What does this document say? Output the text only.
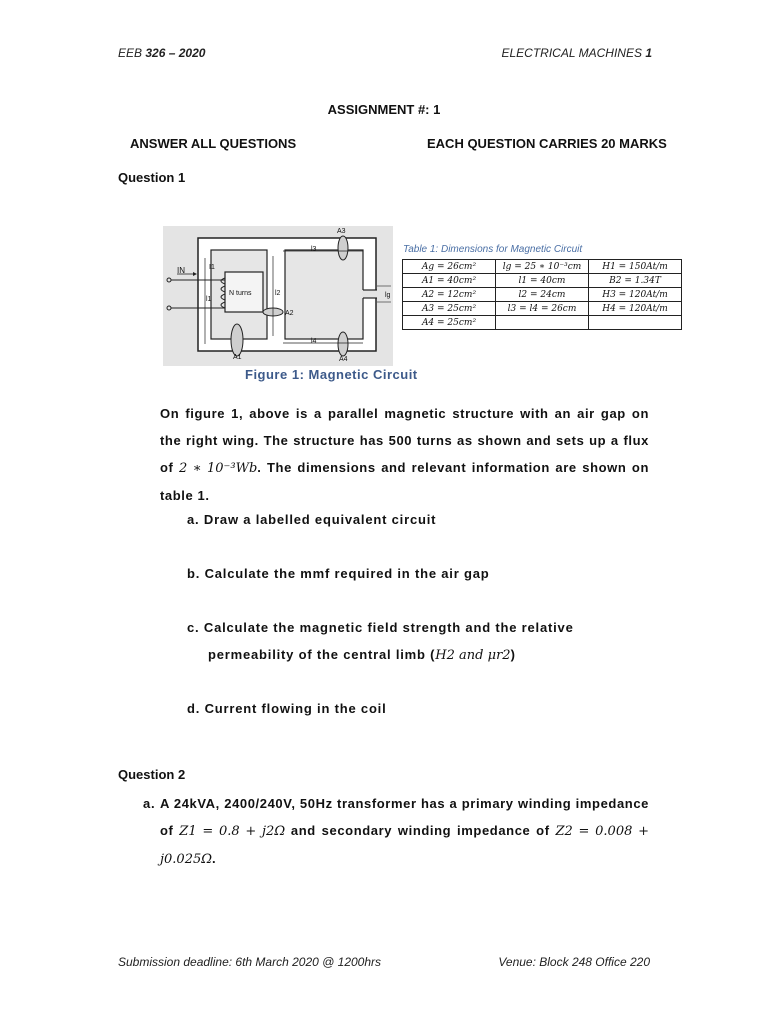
EEB 326 – 2020	ELECTRICAL MACHINES 1
ASSIGNMENT #: 1
ANSWER ALL QUESTIONS	EACH QUESTION CARRIES 20 MARKS
Question 1
IN	I1
N turns
l1
l2
l3
l4
lg
A1
A2
A3
A4
Table 1: Dimensions for Magnetic Circuit
Ag = 26cm²	lg = 25 ∗ 10⁻³cm	H1 = 150At/m
A1 = 40cm²	l1 = 40cm	B2 = 1.34T
A2 = 12cm²	l2 = 24cm	H3 = 120At/m
A3 = 25cm²	l3 = l4 = 26cm	H4 = 120At/m
A4 = 25cm²		
Figure 1: Magnetic Circuit
On figure 1, above is a parallel magnetic structure with an air gap on the right wing. The structure has 500 turns as shown and sets up a flux of 2 ∗ 10⁻³Wb. The dimensions and relevant information are shown on table 1.
a. Draw a labelled equivalent circuit
b. Calculate the mmf required in the air gap
c. Calculate the magnetic field strength and the relative
permeability of the central limb (H2 and μr2)
d. Current flowing in the coil
Question 2
a. A 24kVA, 2400/240V, 50Hz transformer has a primary winding impedance of Z1 = 0.8 + j2Ω and secondary winding impedance of Z2 = 0.008 + j0.025Ω.
Submission deadline: 6th March 2020 @ 1200hrs	Venue: Block 248 Office 220
